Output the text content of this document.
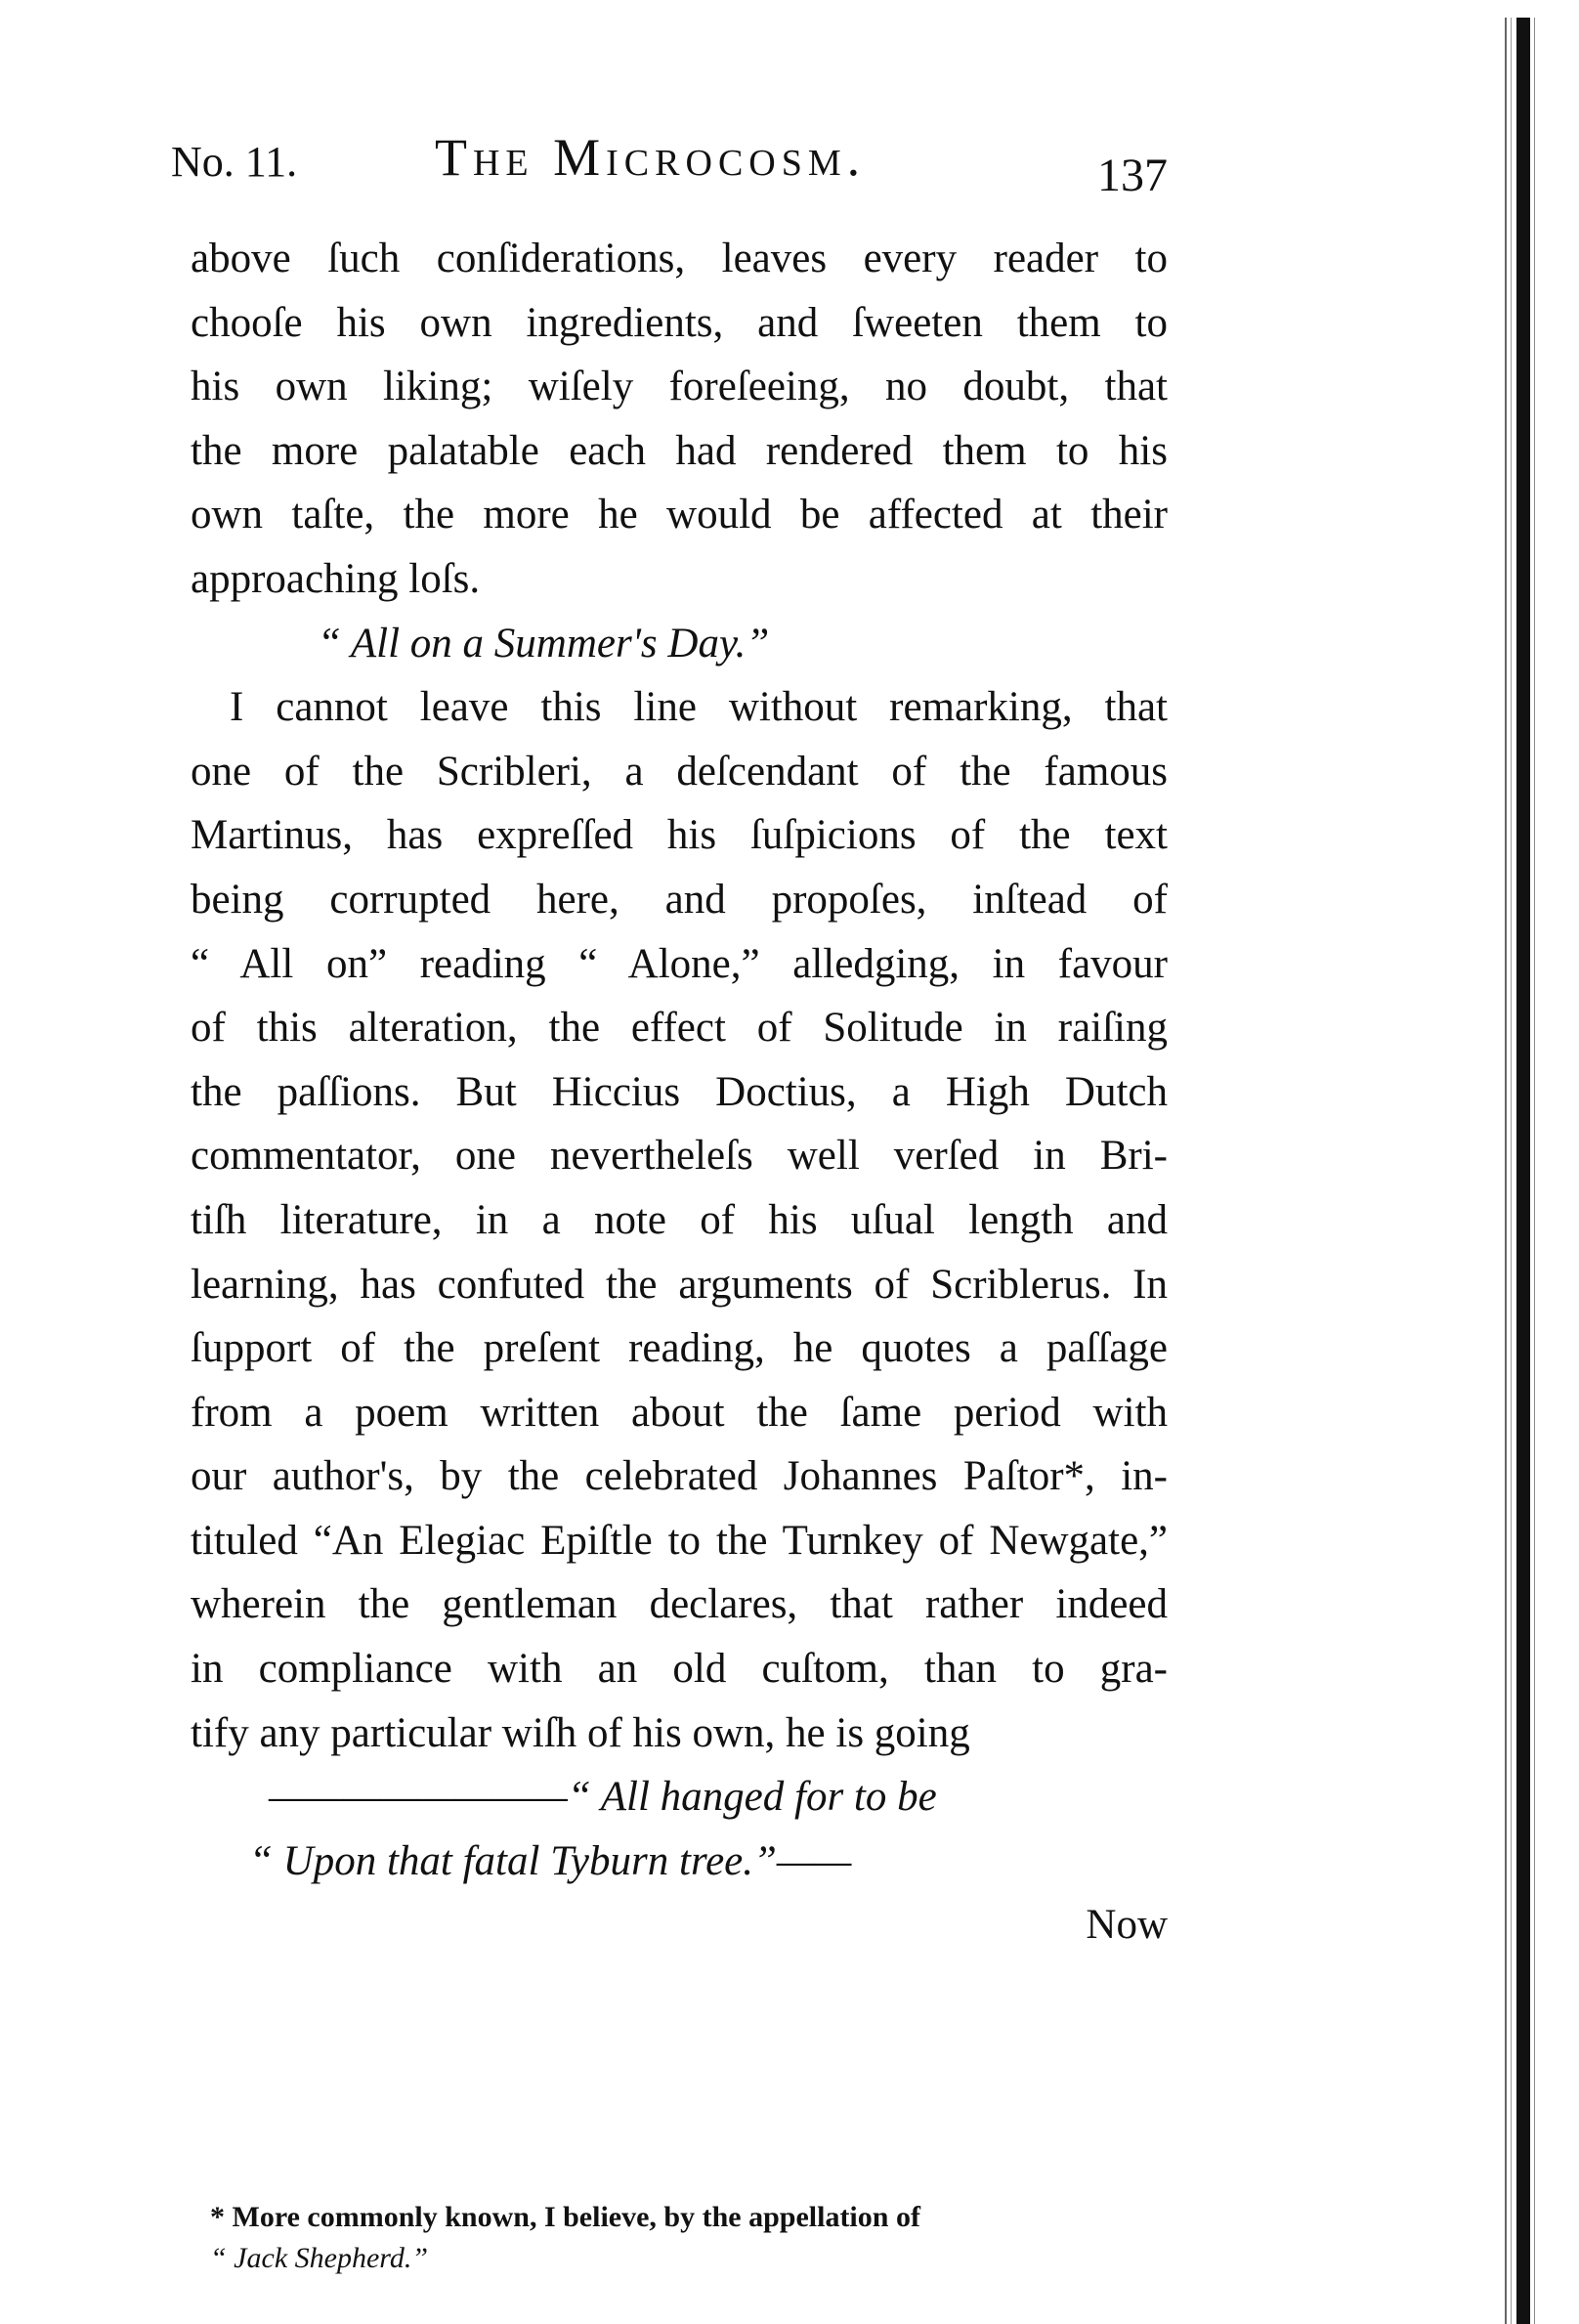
No. 11.	The Microcosm.	137
above ſuch conſiderations, leaves every reader to
chooſe his own ingredients, and ſweeten them to
his own liking; wiſely foreſeeing, no doubt, that
the more palatable each had rendered them to his
own taſte, the more he would be affected at their
approaching loſs.
“ All on a Summer's Day.”
I cannot leave this line without remarking, that
one of the Scribleri, a deſcendant of the famous
Martinus, has expreſſed his ſuſpicions of the text
being corrupted here, and propoſes, inſtead of
“ All on” reading “ Alone,” alledging, in favour
of this alteration, the effect of Solitude in raiſing
the paſſions. But Hiccius Doctius, a High Dutch
commentator, one nevertheleſs well verſed in Bri-
tiſh literature, in a note of his uſual length and
learning, has confuted the arguments of Scriblerus. In
ſupport of the preſent reading, he quotes a paſſage
from a poem written about the ſame period with
our author's, by the celebrated Johannes Paſtor*, in-
tituled “An Elegiac Epiſtle to the Turnkey of Newgate,”
wherein the gentleman declares, that rather indeed
in compliance with an old cuſtom, than to gra-
tify any particular wiſh of his own, he is going
————————“ All hanged for to be
“ Upon that fatal Tyburn tree.”——
Now
* More commonly known, I believe, by the appellation of
“ Jack Shepherd.”
